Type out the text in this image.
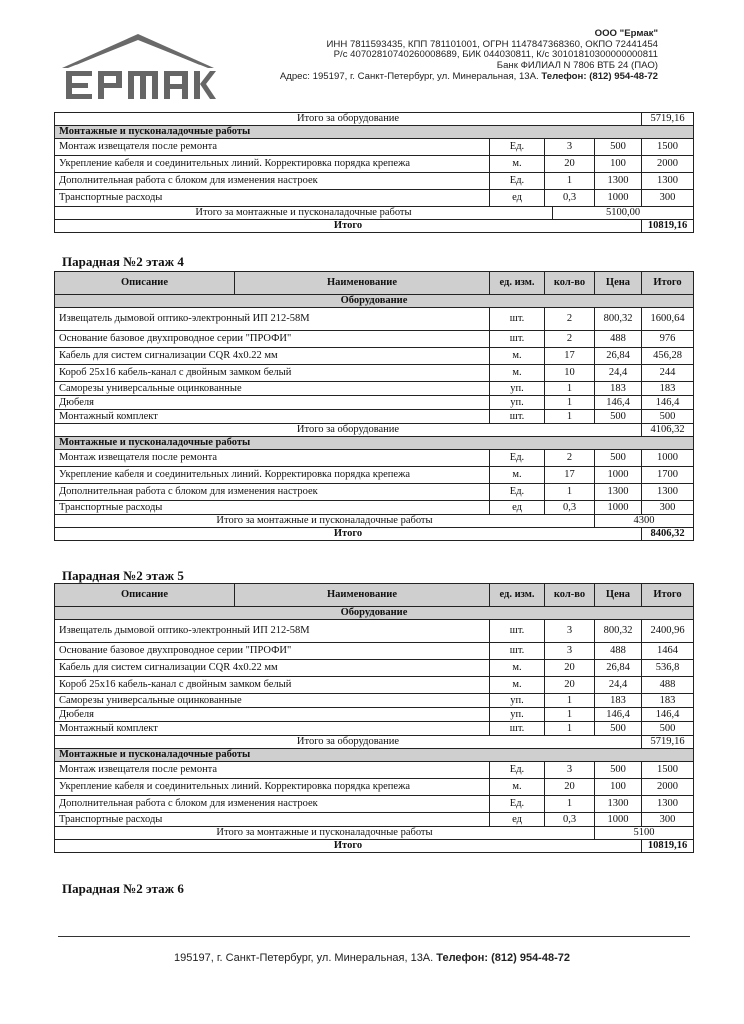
ООО "Ермак"
ИНН 7811593435, КПП 781101001, ОГРН 1147847368360, ОКПО 72441454
Р/с 40702810740260008689, БИК 044030811, К/с 30101810300000000811
Банк ФИЛИАЛ N 7806 ВТБ 24 (ПАО)
Адрес: 195197, г. Санкт-Петербург, ул. Минеральная, 13А. Телефон: (812) 954-48-72
Итого за оборудование	5719,16
Монтажные и пусконаладочные работы
Монтаж извещателя после ремонта	Ед.	3	500	1500
Укрепление кабеля и соединительных линий. Корректировка порядка крепежа	м.	20	100	2000
Дополнительная работа с блоком для изменения настроек	Ед.	1	1300	1300
Транспортные расходы	ед	0,3	1000	300

Итого за монтажные и пусконаладочные работы	5100,00

Итого	10819,16
Парадная №2 этаж 4
Описание	Наименование	ед. изм.	кол-во	Цена	Итого
Оборудование					
Извещатель дымовой оптико-электронный ИП 212-58М		шт.	2	800,32	1600,64
Основание базовое двухпроводное серии "ПРОФИ"		шт.	2	488	976
Кабель для систем сигнализации CQR 4х0.22 мм		м.	17	26,84	456,28
Короб 25х16 кабель-канал с двойным замком белый		м.	10	24,4	244
Саморезы универсальные оцинкованные		уп.	1	183	183
Дюбеля		уп.	1	146,4	146,4
Монтажный комплект		шт.	1	500	500
Итого за оборудование					4106,32
Монтажные и пусконаладочные работы					
Монтаж извещателя после ремонта		Ед.	2	500	1000
Укрепление кабеля и соединительных линий. Корректировка порядка крепежа		м.	17	1000	1700
Дополнительная работа с блоком для изменения настроек		Ед.	1	1300	1300
Транспортные расходы		ед	0,3	1000	300
Итого за монтажные и пусконаладочные работы				4300	
Итого					8406,32
Парадная №2 этаж 5
Описание	Наименование	ед. изм.	кол-во	Цена	Итого
Оборудование					
Извещатель дымовой оптико-электронный ИП 212-58М		шт.	3	800,32	2400,96
Основание базовое двухпроводное серии "ПРОФИ"		шт.	3	488	1464
Кабель для систем сигнализации CQR 4х0.22 мм		м.	20	26,84	536,8
Короб 25х16 кабель-канал с двойным замком белый		м.	20	24,4	488
Саморезы универсальные оцинкованные		уп.	1	183	183
Дюбеля		уп.	1	146,4	146,4
Монтажный комплект		шт.	1	500	500
Итого за оборудование					5719,16
Монтажные и пусконаладочные работы					
Монтаж извещателя после ремонта		Ед.	3	500	1500
Укрепление кабеля и соединительных линий. Корректировка порядка крепежа		м.	20	100	2000
Дополнительная работа с блоком для изменения настроек		Ед.	1	1300	1300
Транспортные расходы		ед	0,3	1000	300
Итого за монтажные и пусконаладочные работы				5100	
Итого					10819,16
Парадная №2 этаж 6
195197, г. Санкт-Петербург, ул. Минеральная, 13А. Телефон: (812) 954-48-72
